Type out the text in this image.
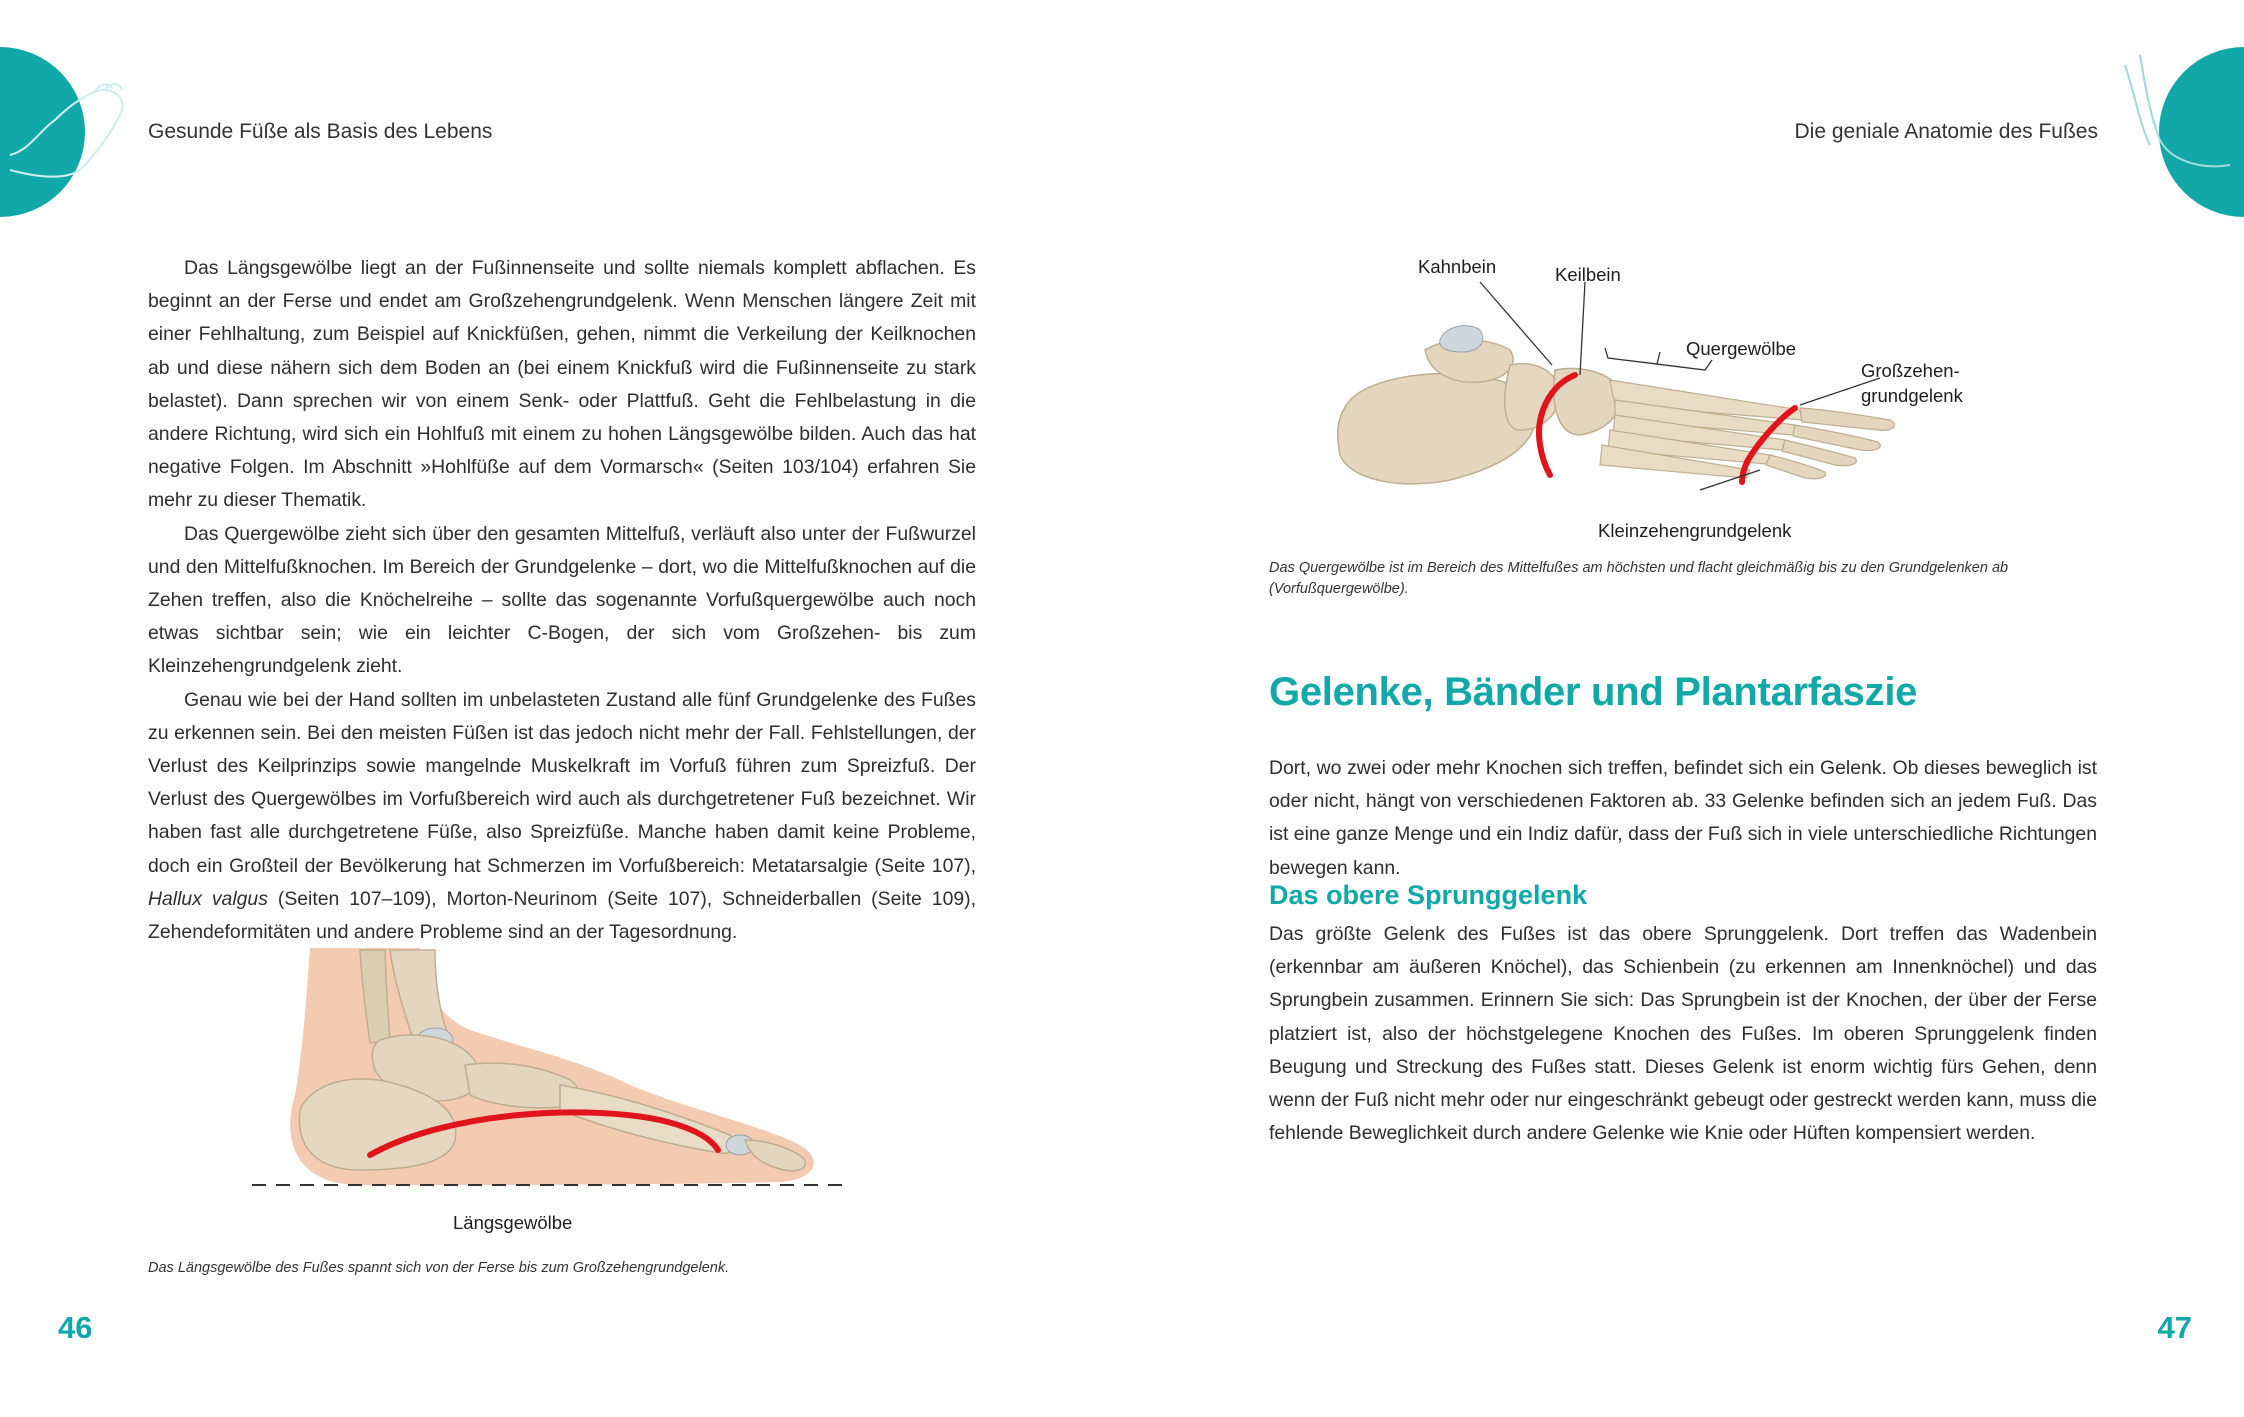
Gesunde Füße als Basis des Lebens	Die geniale Anatomie des Fußes

Das Längsgewölbe liegt an der Fußinnenseite und sollte niemals komplett abflachen. Es beginnt an der Ferse und endet am Großzehengrundgelenk. Wenn Menschen längere Zeit mit einer Fehlhaltung, zum Beispiel auf Knickfüßen, gehen, nimmt die Verkeilung der Keilknochen ab und diese nähern sich dem Boden an (bei einem Knickfuß wird die Fußinnenseite zu stark belastet). Dann sprechen wir von einem Senk- oder Plattfuß. Geht die Fehlbelastung in die andere Richtung, wird sich ein Hohlfuß mit einem zu hohen Längsgewölbe bilden. Auch das hat negative Folgen. Im Abschnitt »Hohlfüße auf dem Vormarsch« (Seiten 103/104) erfahren Sie mehr zu dieser Thematik.

Das Quergewölbe zieht sich über den gesamten Mittelfuß, verläuft also unter der Fußwurzel und den Mittelfußknochen. Im Bereich der Grundgelenke – dort, wo die Mittelfußknochen auf die Zehen treffen, also die Knöchelreihe – sollte das sogenannte Vorfußquergewölbe auch noch etwas sichtbar sein; wie ein leichter C-Bogen, der sich vom Großzehen- bis zum Kleinzehengrundgelenk zieht.

Genau wie bei der Hand sollten im unbelasteten Zustand alle fünf Grundgelenke des Fußes zu erkennen sein. Bei den meisten Füßen ist das jedoch nicht mehr der Fall. Fehlstellungen, der Verlust des Keilprinzips sowie mangelnde Muskelkraft im Vorfuß führen zum Spreizfuß. Der Verlust des Quergewölbes im Vorfußbereich wird auch als durchgetretener Fuß bezeichnet. Wir haben fast alle durchgetretene Füße, also Spreizfüße. Manche haben damit keine Probleme, doch ein Großteil der Bevölkerung hat Schmerzen im Vorfußbereich: Metatarsalgie (Seite 107), Hallux valgus (Seiten 107–109), Morton-Neurinom (Seite 107), Schneiderballen (Seite 109), Zehendeformitäten und andere Probleme sind an der Tagesordnung.

Längsgewölbe
Das Längsgewölbe des Fußes spannt sich von der Ferse bis zum Großzehengrundgelenk.
46	47
Kahnbein	Keilbein
Quergewölbe
Großzehen-
grundgelenk
Kleinzehengrundgelenk
Das Quergewölbe ist im Bereich des Mittelfußes am höchsten und flacht gleichmäßig bis zu den Grundgelenken ab (Vorfußquergewölbe).
Gelenke, Bänder und Plantarfaszie

Dort, wo zwei oder mehr Knochen sich treffen, befindet sich ein Gelenk. Ob dieses beweglich ist oder nicht, hängt von verschiedenen Faktoren ab. 33 Gelenke befinden sich an jedem Fuß. Das ist eine ganze Menge und ein Indiz dafür, dass der Fuß sich in viele unterschiedliche Richtungen bewegen kann.

Das obere Sprunggelenk

Das größte Gelenk des Fußes ist das obere Sprunggelenk. Dort treffen das Wadenbein (erkennbar am äußeren Knöchel), das Schienbein (zu erkennen am Innenknöchel) und das Sprungbein zusammen. Erinnern Sie sich: Das Sprungbein ist der Knochen, der über der Ferse platziert ist, also der höchstgelegene Knochen des Fußes. Im oberen Sprunggelenk finden Beugung und Streckung des Fußes statt. Dieses Gelenk ist enorm wichtig fürs Gehen, denn wenn der Fuß nicht mehr oder nur eingeschränkt gebeugt oder gestreckt werden kann, muss die fehlende Beweglichkeit durch andere Gelenke wie Knie oder Hüften kompensiert werden.
